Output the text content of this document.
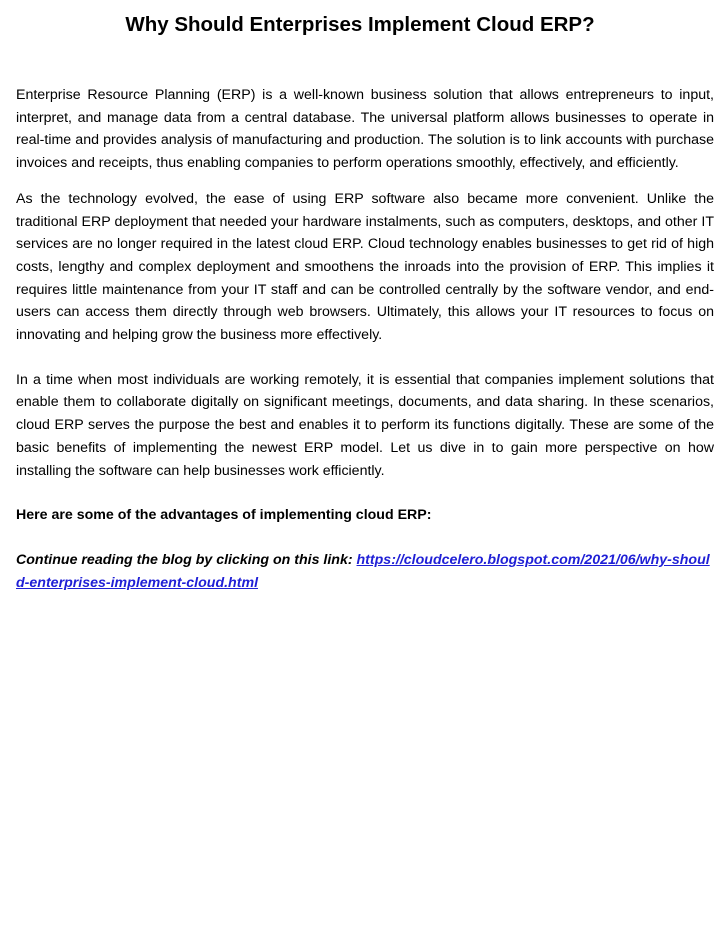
Why Should Enterprises Implement Cloud ERP?

Enterprise Resource Planning (ERP) is a well-known business solution that allows entrepreneurs to input, interpret, and manage data from a central database. The universal platform allows businesses to operate in real-time and provides analysis of manufacturing and production. The solution is to link accounts with purchase invoices and receipts, thus enabling companies to perform operations smoothly, effectively, and efficiently.

As the technology evolved, the ease of using ERP software also became more convenient. Unlike the traditional ERP deployment that needed your hardware instalments, such as computers, desktops, and other IT services are no longer required in the latest cloud ERP. Cloud technology enables businesses to get rid of high costs, lengthy and complex deployment and smoothens the inroads into the provision of ERP. This implies it requires little maintenance from your IT staff and can be controlled centrally by the software vendor, and end-users can access them directly through web browsers. Ultimately, this allows your IT resources to focus on innovating and helping grow the business more effectively.

In a time when most individuals are working remotely, it is essential that companies implement solutions that enable them to collaborate digitally on significant meetings, documents, and data sharing. In these scenarios, cloud ERP serves the purpose the best and enables it to perform its functions digitally. These are some of the basic benefits of implementing the newest ERP model. Let us dive in to gain more perspective on how installing the software can help businesses work efficiently.

Here are some of the advantages of implementing cloud ERP:

Continue reading the blog by clicking on this link: https://cloudcelero.blogspot.com/2021/06/why-should-enterprises-implement-cloud.html
